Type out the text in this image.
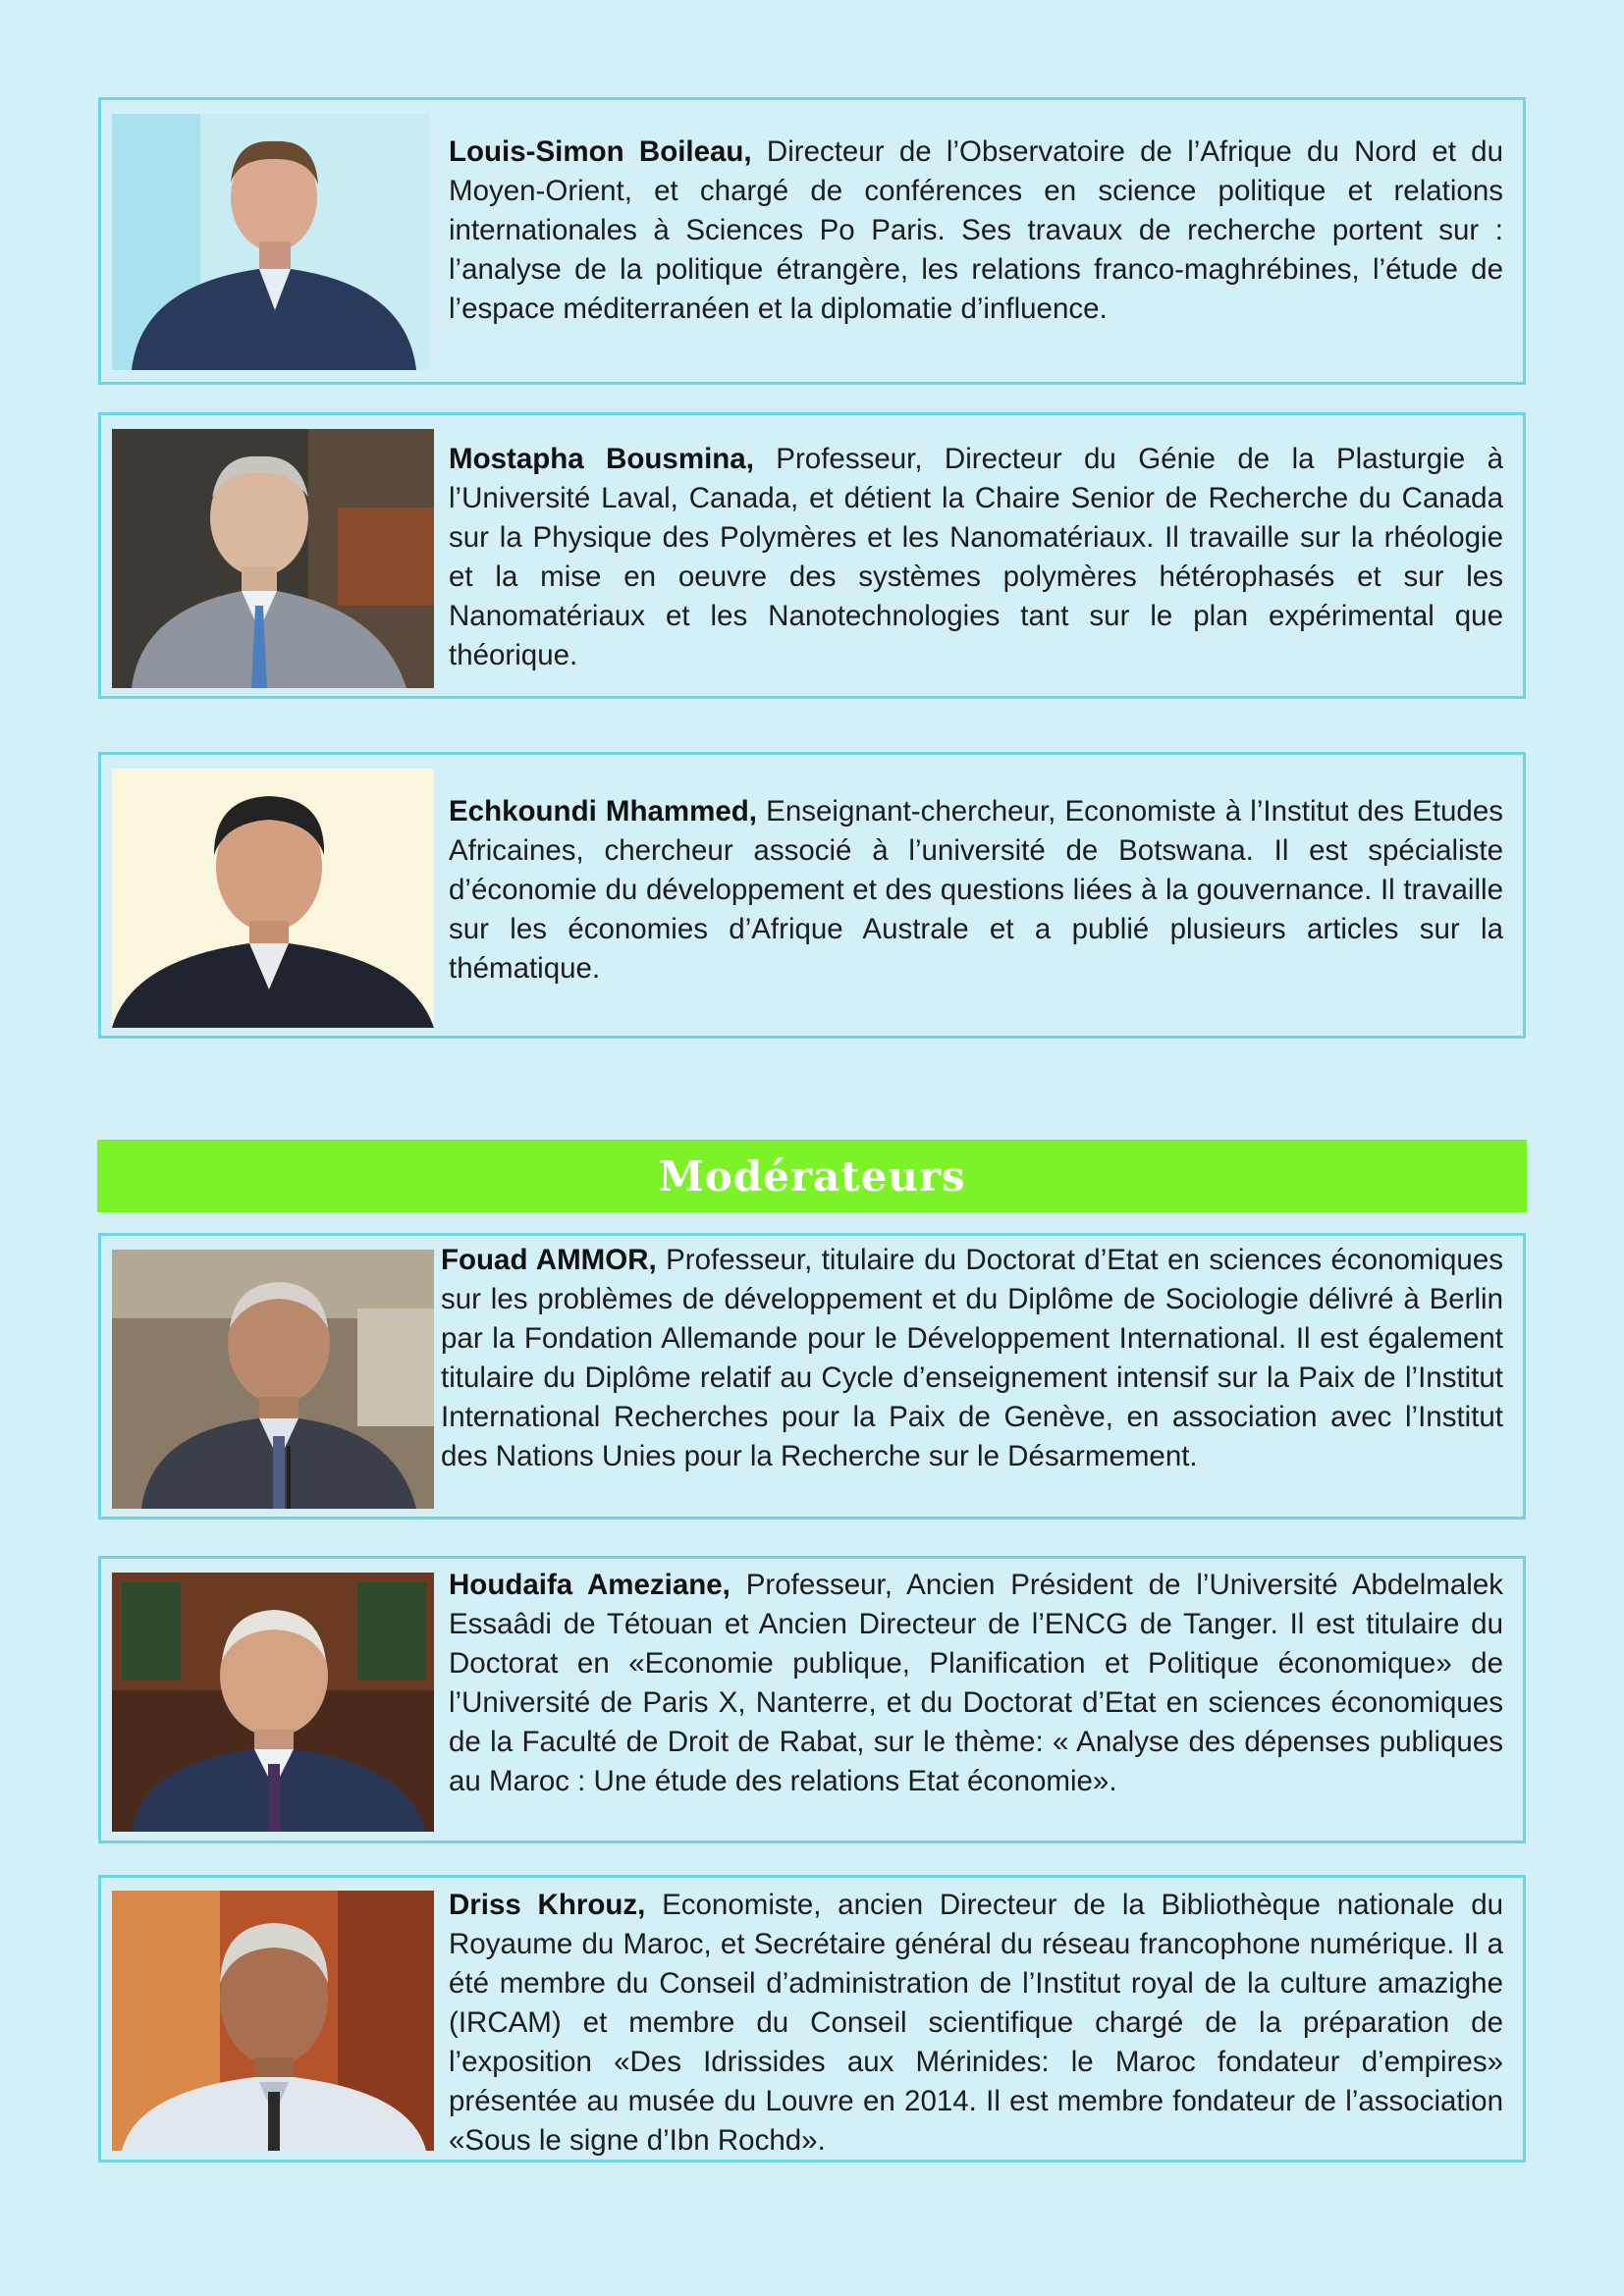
Louis-Simon Boileau, Directeur de l’Observatoire de l’Afrique du Nord et du Moyen-Orient, et chargé de conférences en science politique et relations internationales à Sciences Po Paris. Ses travaux de recherche portent sur : l’analyse de la politique étrangère, les relations franco-maghrébines, l’étude de l’espace méditerranéen et la diplomatie d’influence.

Mostapha Bousmina, Professeur, Directeur du Génie de la Plasturgie à l’Université Laval, Canada, et détient la Chaire Senior de Recherche du Canada sur la Physique des Polymères et les Nanomatériaux. Il travaille sur la rhéologie et la mise en oeuvre des systèmes polymères hétérophasés et sur les Nanomatériaux et les Nanotechnologies tant sur le plan expérimental que théorique.

Echkoundi Mhammed, Enseignant-chercheur, Economiste à l’Institut des Etudes Africaines, chercheur associé à l’université de Botswana. Il est spécialiste d’économie du développement et des questions liées à la gouvernance. Il travaille sur les économies d’Afrique Australe et a publié plusieurs articles sur la thématique.

Modérateurs

Fouad AMMOR, Professeur, titulaire du Doctorat d’Etat en sciences économiques sur les problèmes de développement et du Diplôme de Sociologie délivré à Berlin par la Fondation Allemande pour le Développement International. Il est également titulaire du Diplôme relatif au Cycle d’enseignement intensif sur la Paix de l’Institut International Recherches pour la Paix de Genève, en association avec l’Institut des Nations Unies pour la Recherche sur le Désarmement.

Houdaifa Ameziane, Professeur, Ancien Président de l’Université Abdelmalek Essaâdi de Tétouan et Ancien Directeur de l’ENCG de Tanger. Il est titulaire du Doctorat en «Economie publique, Planification et Politique économique» de l’Université de Paris X, Nanterre, et du Doctorat d’Etat en sciences économiques de la Faculté de Droit de Rabat, sur le thème: « Analyse des dépenses publiques au Maroc : Une étude des relations Etat économie».

Driss Khrouz, Economiste, ancien Directeur de la Bibliothèque nationale du Royaume du Maroc, et Secrétaire général du réseau francophone numérique. Il a été membre du Conseil d’administration de l’Institut royal de la culture amazighe (IRCAM) et membre du Conseil scientifique chargé de la préparation de l’exposition «Des Idrissides aux Mérinides: le Maroc fondateur d’empires» présentée au musée du Louvre en 2014. Il est membre fondateur de l’association «Sous le signe d’Ibn Rochd».
